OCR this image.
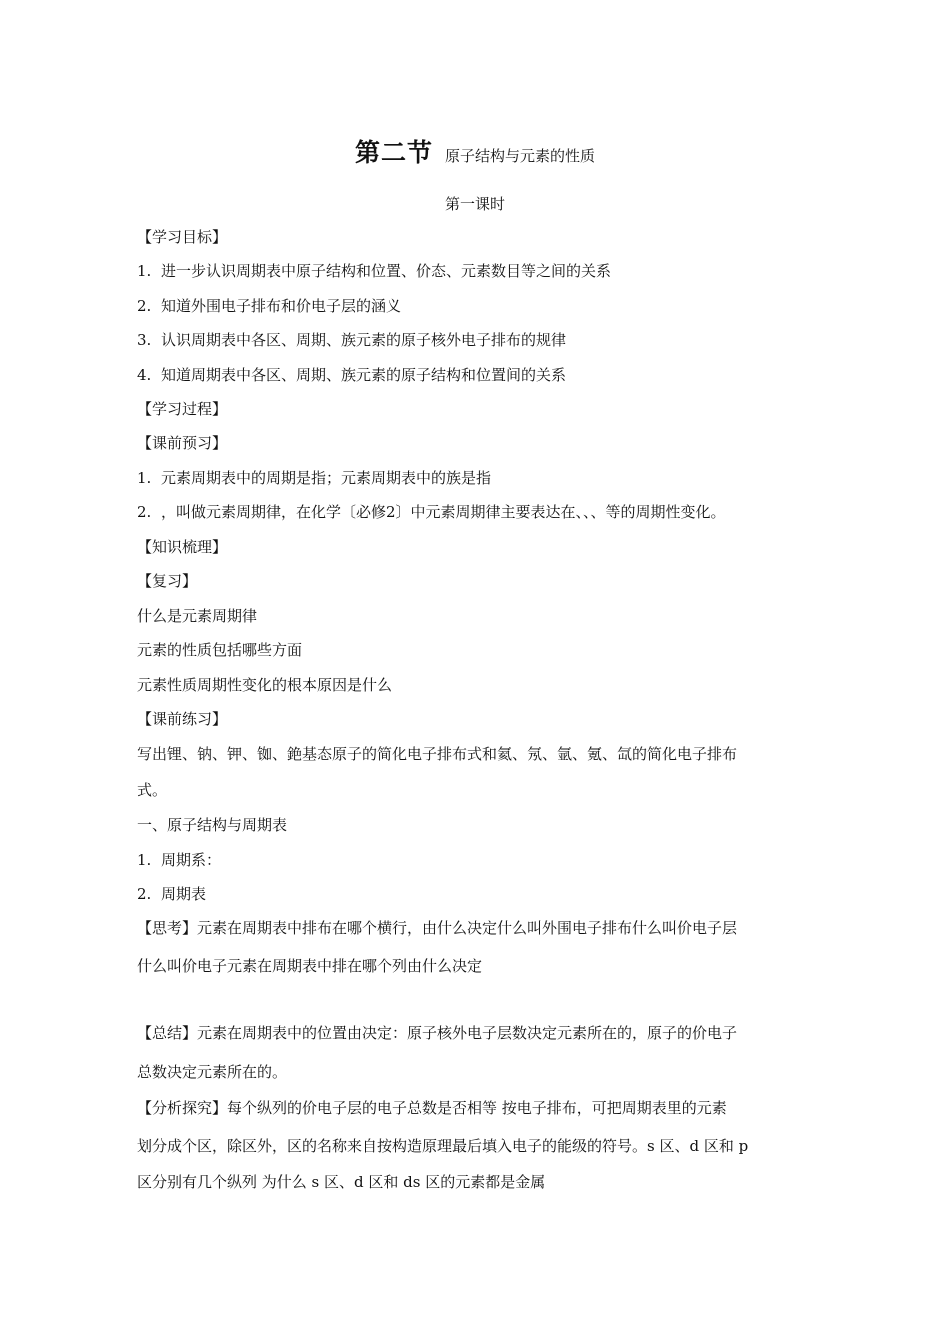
第二节 原子结构与元素的性质
第一课时
【学习目标】
1. 进一步认识周期表中原子结构和位置、价态、元素数目等之间的关系
2. 知道外围电子排布和价电子层的涵义
3. 认识周期表中各区、周期、族元素的原子核外电子排布的规律
4. 知道周期表中各区、周期、族元素的原子结构和位置间的关系
【学习过程】
【课前预习】
1. 元素周期表中的周期是指；元素周期表中的族是指
2. ，叫做元素周期律，在化学〔必修2〕中元素周期律主要表达在、、、等的周期性变化。
【知识梳理】
【复习】
什么是元素周期律
元素的性质包括哪些方面
元素性质周期性变化的根本原因是什么
【课前练习】
写出锂、钠、钾、铷、銫基态原子的简化电子排布式和氦、氖、氩、氪、氙的简化电子排布
式。
一、原子结构与周期表
1. 周期系：
2. 周期表
【思考】元素在周期表中排布在哪个横行，由什么决定什么叫外围电子排布什么叫价电子层
什么叫价电子元素在周期表中排在哪个列由什么决定
【总结】元素在周期表中的位置由决定：原子核外电子层数决定元素所在的，原子的价电子
总数决定元素所在的。
【分析探究】每个纵列的价电子层的电子总数是否相等 按电子排布，可把周期表里的元素
划分成个区，除区外，区的名称来自按构造原理最后填入电子的能级的符号。s 区、d 区和 p
区分别有几个纵列 为什么 s 区、d 区和 ds 区的元素都是金属
